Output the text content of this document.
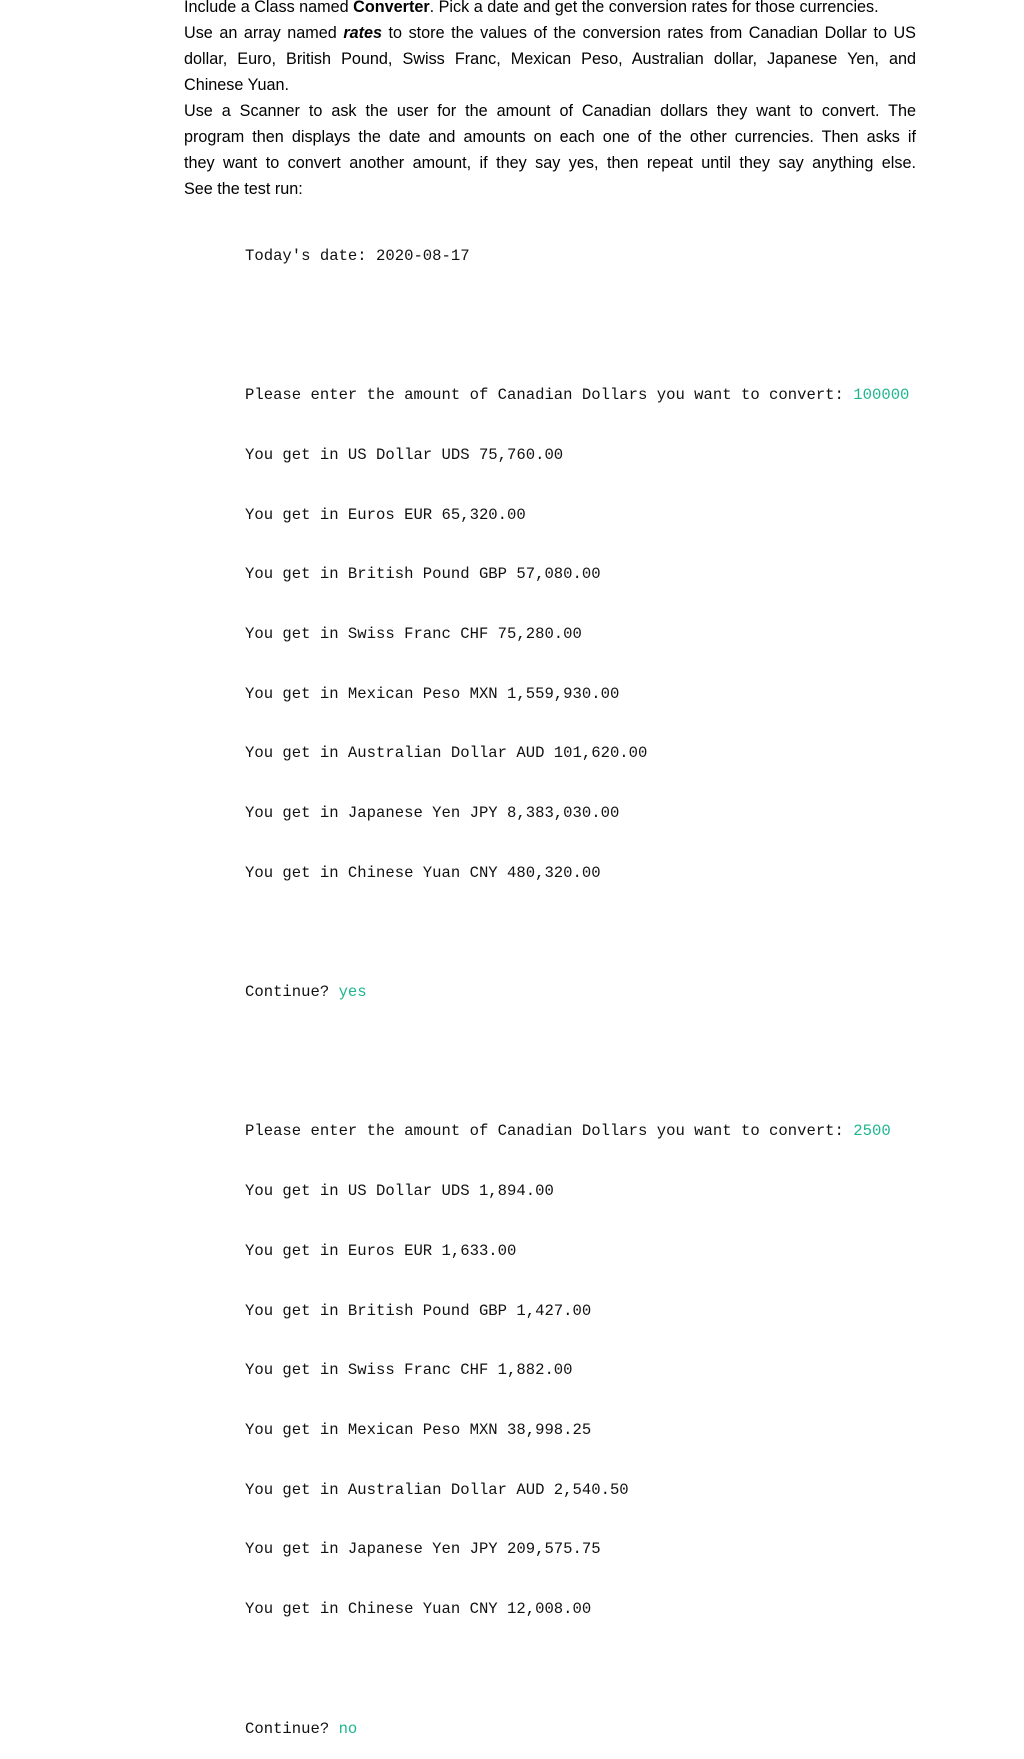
Include a Class named Converter. Pick a date and get the conversion rates for those currencies.

Use an array named rates to store the values of the conversion rates from Canadian Dollar to US
dollar, Euro, British Pound, Swiss Franc, Mexican Peso, Australian dollar, Japanese Yen, and
Chinese Yuan.

Use a Scanner to ask the user for the amount of Canadian dollars they want to convert. The
program then displays the date and amounts on each one of the other currencies. Then asks if
they want to convert another amount, if they say yes, then repeat until they say anything else.
See the test run:

Today's date: 2020-08-17

Please enter the amount of Canadian Dollars you want to convert: 100000

You get in US Dollar UDS 75,760.00

You get in Euros EUR 65,320.00

You get in British Pound GBP 57,080.00

You get in Swiss Franc CHF 75,280.00

You get in Mexican Peso MXN 1,559,930.00

You get in Australian Dollar AUD 101,620.00

You get in Japanese Yen JPY 8,383,030.00

You get in Chinese Yuan CNY 480,320.00

Continue? yes

Please enter the amount of Canadian Dollars you want to convert: 2500

You get in US Dollar UDS 1,894.00

You get in Euros EUR 1,633.00

You get in British Pound GBP 1,427.00

You get in Swiss Franc CHF 1,882.00

You get in Mexican Peso MXN 38,998.25

You get in Australian Dollar AUD 2,540.50

You get in Japanese Yen JPY 209,575.75

You get in Chinese Yuan CNY 12,008.00

Continue? no
